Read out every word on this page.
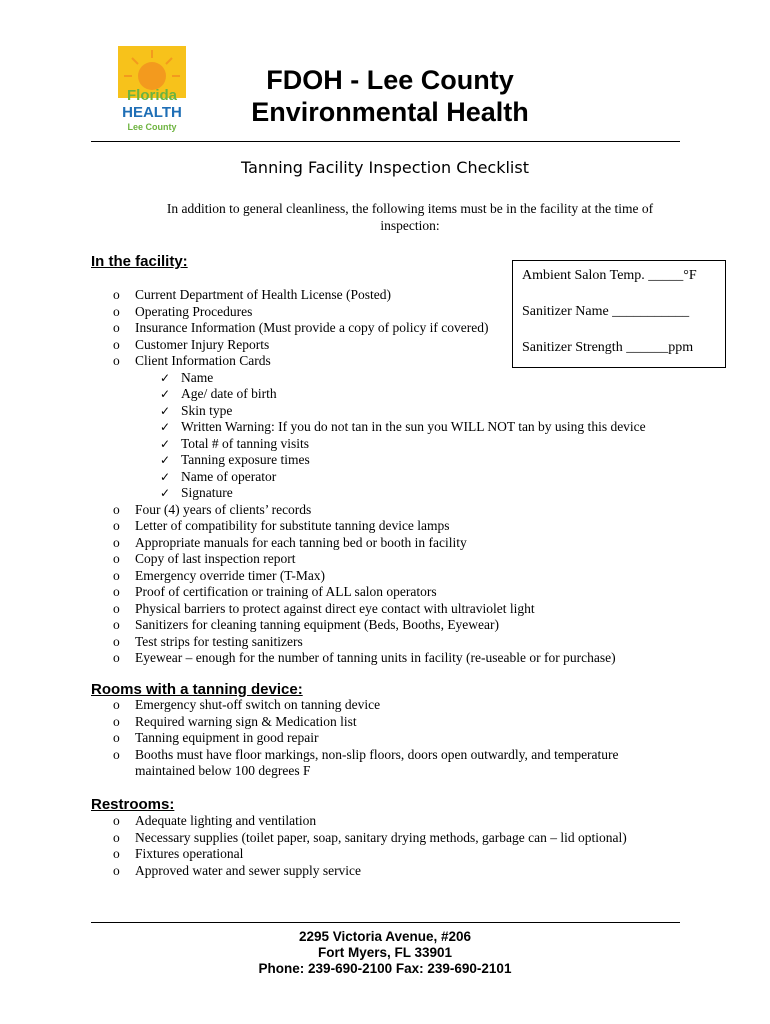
Florida
HEALTH
Lee County
FDOH - Lee County
Environmental Health
Tanning Facility Inspection Checklist
In addition to general cleanliness, the following items must be in the facility at the time of inspection:
Ambient Salon Temp. _____°F
Sanitizer Name ___________
Sanitizer Strength ______ppm
In the facility:
Rooms with a tanning device:
Restrooms:
o Current Department of Health License (Posted)
o Operating Procedures
o Insurance Information (Must provide a copy of policy if covered)
o Customer Injury Reports
o Client Information Cards
✓ Name
✓ Age/ date of birth
✓ Skin type
✓ Written Warning: If you do not tan in the sun you WILL NOT tan by using this device
✓ Total # of tanning visits
✓ Tanning exposure times
✓ Name of operator
✓ Signature
o Four (4) years of clients’ records
o Letter of compatibility for substitute tanning device lamps
o Appropriate manuals for each tanning bed or booth in facility
o Copy of last inspection report
o Emergency override timer (T-Max)
o Proof of certification or training of ALL salon operators
o Physical barriers to protect against direct eye contact with ultraviolet light
o Sanitizers for cleaning tanning equipment (Beds, Booths, Eyewear)
o Test strips for testing sanitizers
o Eyewear – enough for the number of tanning units in facility (re-useable or for purchase)
o Emergency shut-off switch on tanning device
o Required warning sign & Medication list
o Tanning equipment in good repair
o Booths must have floor markings, non-slip floors, doors open outwardly, and temperature
maintained below 100 degrees F
o Adequate lighting and ventilation
o Necessary supplies (toilet paper, soap, sanitary drying methods, garbage can – lid optional)
o Fixtures operational
o Approved water and sewer supply service
2295 Victoria Avenue, #206
Fort Myers, FL 33901
Phone: 239-690-2100 Fax: 239-690-2101
